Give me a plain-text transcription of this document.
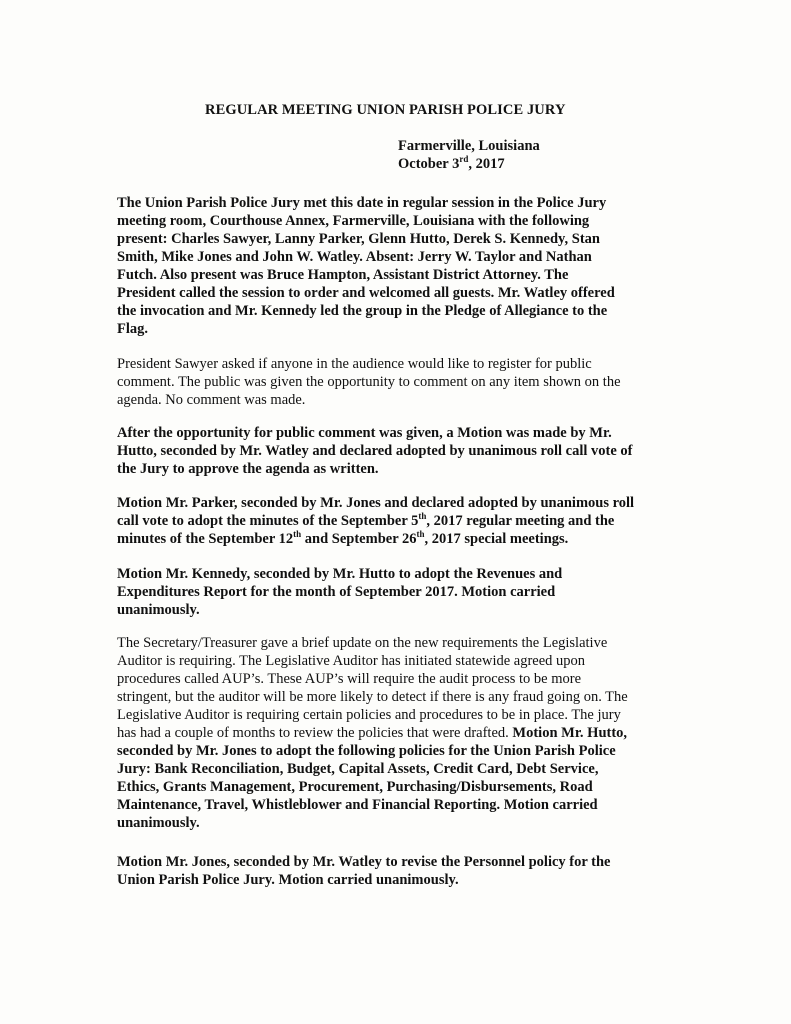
REGULAR MEETING UNION PARISH POLICE JURY
Farmerville, Louisiana
October 3rd, 2017
The Union Parish Police Jury met this date in regular session in the Police Jury
meeting room, Courthouse Annex, Farmerville, Louisiana with the following
present: Charles Sawyer, Lanny Parker, Glenn Hutto, Derek S. Kennedy, Stan
Smith, Mike Jones and John W. Watley. Absent: Jerry W. Taylor and Nathan
Futch. Also present was Bruce Hampton, Assistant District Attorney. The
President called the session to order and welcomed all guests. Mr. Watley offered
the invocation and Mr. Kennedy led the group in the Pledge of Allegiance to the
Flag.
President Sawyer asked if anyone in the audience would like to register for public
comment. The public was given the opportunity to comment on any item shown on the
agenda. No comment was made.
After the opportunity for public comment was given, a Motion was made by Mr.
Hutto, seconded by Mr. Watley and declared adopted by unanimous roll call vote of
the Jury to approve the agenda as written.
Motion Mr. Parker, seconded by Mr. Jones and declared adopted by unanimous roll
call vote to adopt the minutes of the September 5th, 2017 regular meeting and the
minutes of the September 12th and September 26th, 2017 special meetings.
Motion Mr. Kennedy, seconded by Mr. Hutto to adopt the Revenues and
Expenditures Report for the month of September 2017. Motion carried
unanimously.
The Secretary/Treasurer gave a brief update on the new requirements the Legislative
Auditor is requiring. The Legislative Auditor has initiated statewide agreed upon
procedures called AUP’s. These AUP’s will require the audit process to be more
stringent, but the auditor will be more likely to detect if there is any fraud going on. The
Legislative Auditor is requiring certain policies and procedures to be in place. The jury
has had a couple of months to review the policies that were drafted. Motion Mr. Hutto,
seconded by Mr. Jones to adopt the following policies for the Union Parish Police
Jury: Bank Reconciliation, Budget, Capital Assets, Credit Card, Debt Service,
Ethics, Grants Management, Procurement, Purchasing/Disbursements, Road
Maintenance, Travel, Whistleblower and Financial Reporting. Motion carried
unanimously.
Motion Mr. Jones, seconded by Mr. Watley to revise the Personnel policy for the
Union Parish Police Jury. Motion carried unanimously.
